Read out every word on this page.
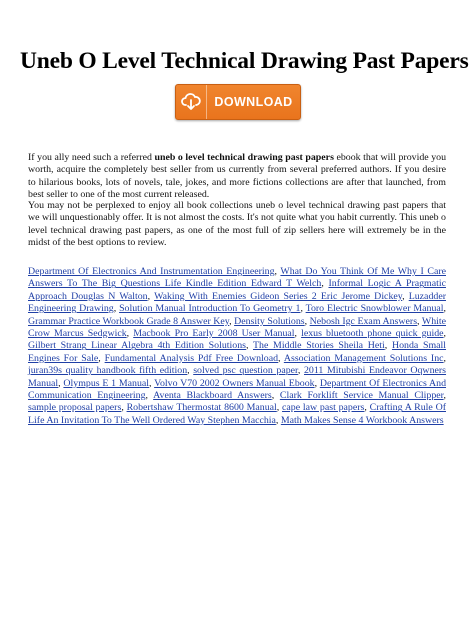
Uneb O Level Technical Drawing Past Papers
DOWNLOAD

If you ally need such a referred uneb o level technical drawing past papers ebook that will provide you worth, acquire the completely best seller from us currently from several preferred authors. If you desire to hilarious books, lots of novels, tale, jokes, and more fictions collections are after that launched, from best seller to one of the most current released.

You may not be perplexed to enjoy all book collections uneb o level technical drawing past papers that we will unquestionably offer. It is not almost the costs. It's not quite what you habit currently. This uneb o level technical drawing past papers, as one of the most full of zip sellers here will extremely be in the midst of the best options to review.

Department Of Electronics And Instrumentation Engineering, What Do You Think Of Me Why I Care Answers To The Big Questions Life Kindle Edition Edward T Welch, Informal Logic A Pragmatic Approach Douglas N Walton, Waking With Enemies Gideon Series 2 Eric Jerome Dickey, Luzadder Engineering Drawing, Solution Manual Introduction To Geometry 1, Toro Electric Snowblower Manual, Grammar Practice Workbook Grade 8 Answer Key, Density Solutions, Nebosh Igc Exam Answers, White Crow Marcus Sedgwick, Macbook Pro Early 2008 User Manual, lexus bluetooth phone quick guide, Gilbert Strang Linear Algebra 4th Edition Solutions, The Middle Stories Sheila Heti, Honda Small Engines For Sale, Fundamental Analysis Pdf Free Download, Association Management Solutions Inc, juran39s quality handbook fifth edition, solved psc question paper, 2011 Mitubishi Endeavor Oqwners Manual, Olympus E 1 Manual, Volvo V70 2002 Owners Manual Ebook, Department Of Electronics And Communication Engineering, Aventa Blackboard Answers, Clark Forklift Service Manual Clipper, sample proposal papers, Robertshaw Thermostat 8600 Manual, cape law past papers, Crafting A Rule Of Life An Invitation To The Well Ordered Way Stephen Macchia, Math Makes Sense 4 Workbook Answers
